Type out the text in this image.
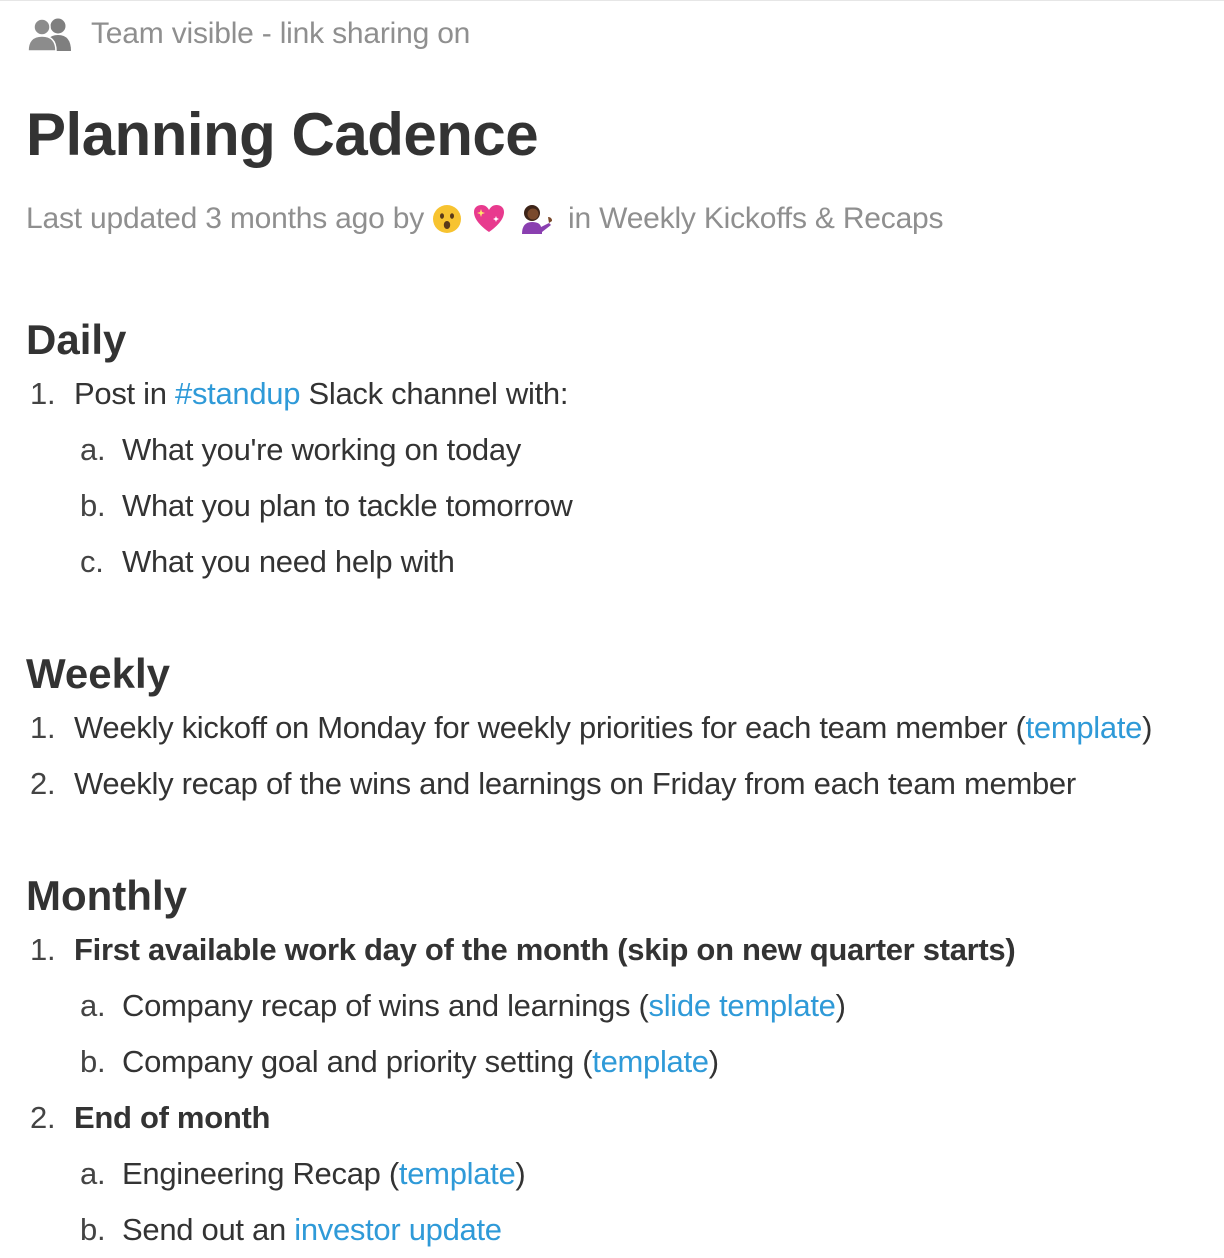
Team visible - link sharing on
Planning Cadence
Last updated 3 months ago by	in Weekly Kickoffs & Recaps
Daily
1. Post in #standup Slack channel with:
a. What you're working on today
b. What you plan to tackle tomorrow
c. What you need help with
Weekly
1. Weekly kickoff on Monday for weekly priorities for each team member (template)
2. Weekly recap of the wins and learnings on Friday from each team member
Monthly
1. First available work day of the month (skip on new quarter starts)
a. Company recap of wins and learnings (slide template)
b. Company goal and priority setting (template)
2. End of month
a. Engineering Recap (template)
b. Send out an investor update
